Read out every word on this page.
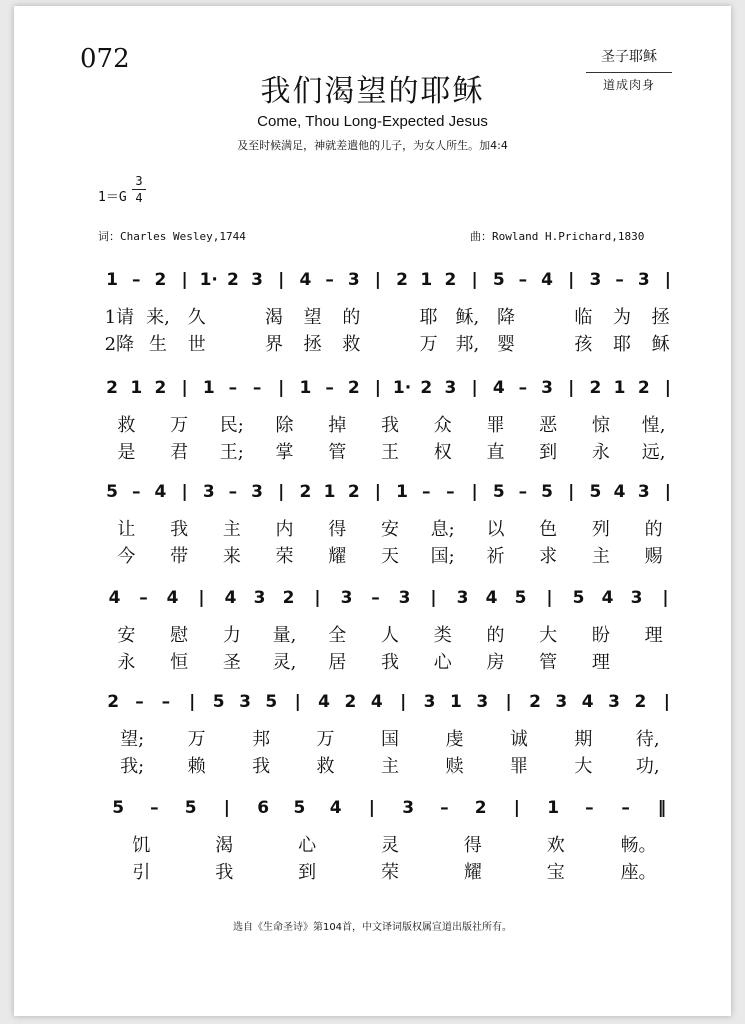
072
我们渴望的耶稣
Come, Thou Long-Expected Jesus
及至时候满足，神就差遣他的儿子，为女人所生。加4:4
圣子耶稣
道成肉身
1＝G
3
4
词：Charles Wesley,1744	曲：Rowland H.Prichard,1830
1 – 2 | 1· 2 3 | 4 – 3 | 2 1 2 | 5 – 4 | 3 – 3 |
1请 来, 久	渴	望	的	耶 稣, 降	临	为	拯
2降 生	世	界	拯	救	万 邦, 婴	孩	耶	稣
2 1 2 | 1 – – | 1 – 2 | 1· 2 3 | 4 – 3 | 2 1 2 |
救	万	民;	除	掉	我	众	罪	恶	惊	惶,
是	君	王;	掌	管	王	权	直	到	永	远,
5 – 4 | 3 – 3 | 2 1 2 | 1 – – | 5 – 5 | 5 4 3 |
让	我	主	内	得	安	息;	以	色	列	的
今	带	来	荣	耀	天	国;	祈	求	主	赐
4	–	4	|	4	3	2	|	3	–	3	|	3	4	5	|	5	4	3	|
安	慰	力	量,	全	人	类	的	大	盼	理
永	恒	圣	灵,	居	我	心	房	管	理
2 –	–	|	5 3 5	|	4 2 4	|	3 1 3	|	2 3 4 3 2	|
望;	万	邦	万	国	虔	诚	期	待,
我;	赖	我	救	主	赎	罪	大	功,
5	–	5	|	6	5	4	|	3	–	2	|	1	–	–	‖
饥	渴	心	灵	得	欢	畅。
引	我	到	荣	耀	宝	座。
选自《生命圣诗》第104首，中文译词版权属宣道出版社所有。
